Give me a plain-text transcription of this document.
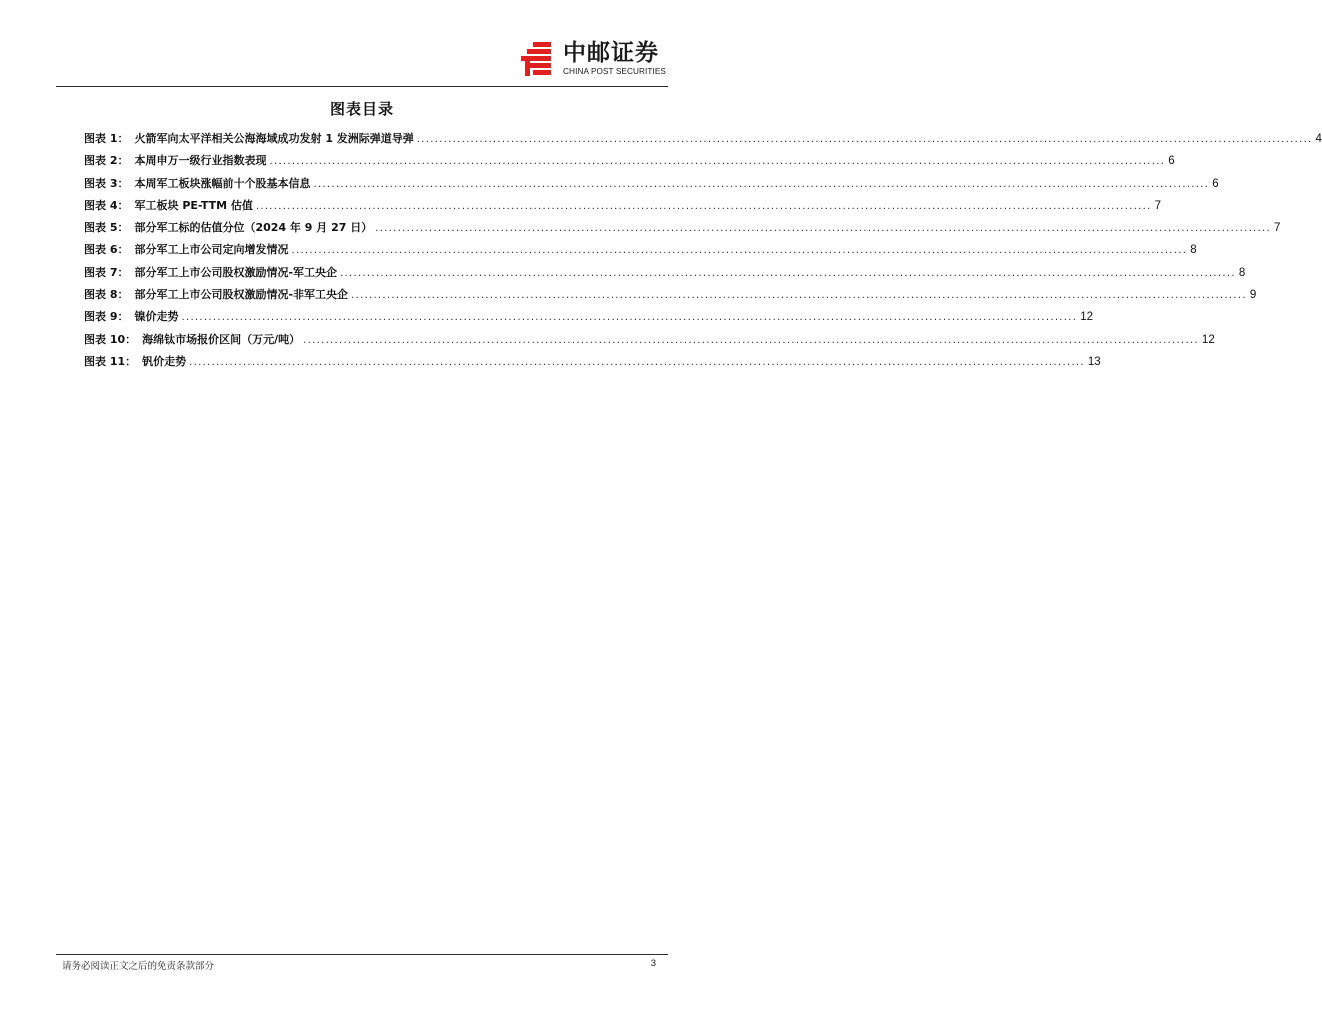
中邮证券
CHINA POST SECURITIES
图表目录
图表 1： 火箭军向太平洋相关公海海域成功发射 1 发洲际弹道导弹 ........................................................................................................................................................................................................ 4
图表 2： 本周申万一级行业指数表现 ........................................................................................................................................................................................................ 6
图表 3： 本周军工板块涨幅前十个股基本信息 ........................................................................................................................................................................................................ 6
图表 4： 军工板块 PE-TTM 估值 ........................................................................................................................................................................................................ 7
图表 5： 部分军工标的估值分位（2024 年 9 月 27 日） ........................................................................................................................................................................................................ 7
图表 6： 部分军工上市公司定向增发情况 ........................................................................................................................................................................................................ 8
图表 7： 部分军工上市公司股权激励情况-军工央企 ........................................................................................................................................................................................................ 8
图表 8： 部分军工上市公司股权激励情况-非军工央企 ........................................................................................................................................................................................................ 9
图表 9： 镍价走势 ........................................................................................................................................................................................................ 12
图表 10： 海绵钛市场报价区间（万元/吨） ........................................................................................................................................................................................................ 12
图表 11： 钒价走势 ........................................................................................................................................................................................................ 13
请务必阅读正文之后的免责条款部分	3
